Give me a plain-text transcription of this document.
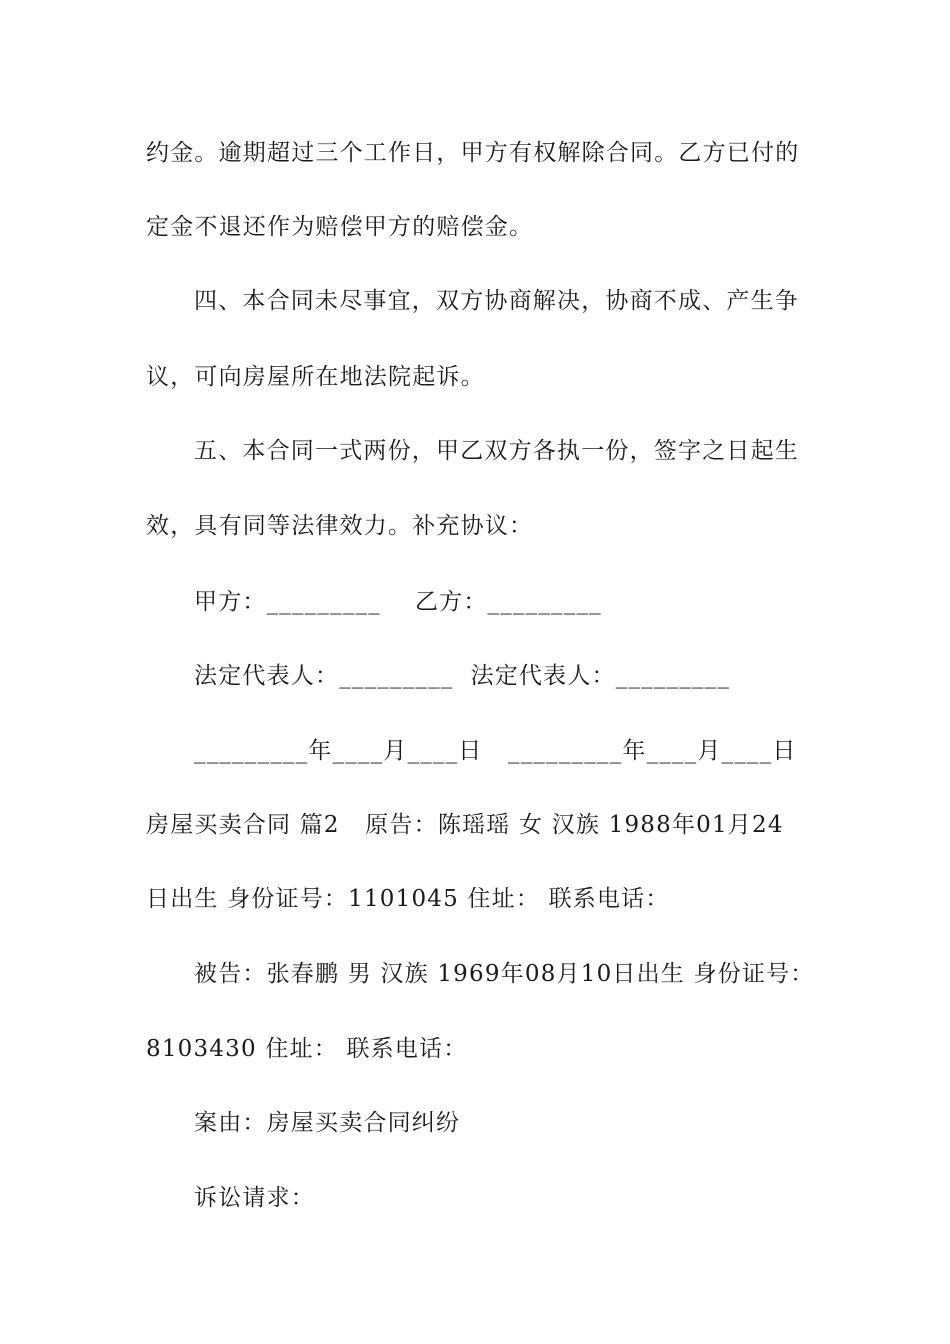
约金。逾期超过三个工作日，甲方有权解除合同。乙方已付的
定金不退还作为赔偿甲方的赔偿金。
四、本合同未尽事宜，双方协商解决，协商不成、产生争
议，可向房屋所在地法院起诉。
五、本合同一式两份，甲乙双方各执一份，签字之日起生
效，具有同等法律效力。补充协议：
甲方：_________    乙方：_________
法定代表人：_________  法定代表人：_________
_________年____月____日   _________年____月____日
房屋买卖合同 篇2   原告：陈瑶瑶 女 汉族 1988年01月24
日出生 身份证号：1101045 住址： 联系电话：
被告：张春鹏 男 汉族 1969年08月10日出生 身份证号：
8103430 住址： 联系电话：
案由：房屋买卖合同纠纷
诉讼请求：
